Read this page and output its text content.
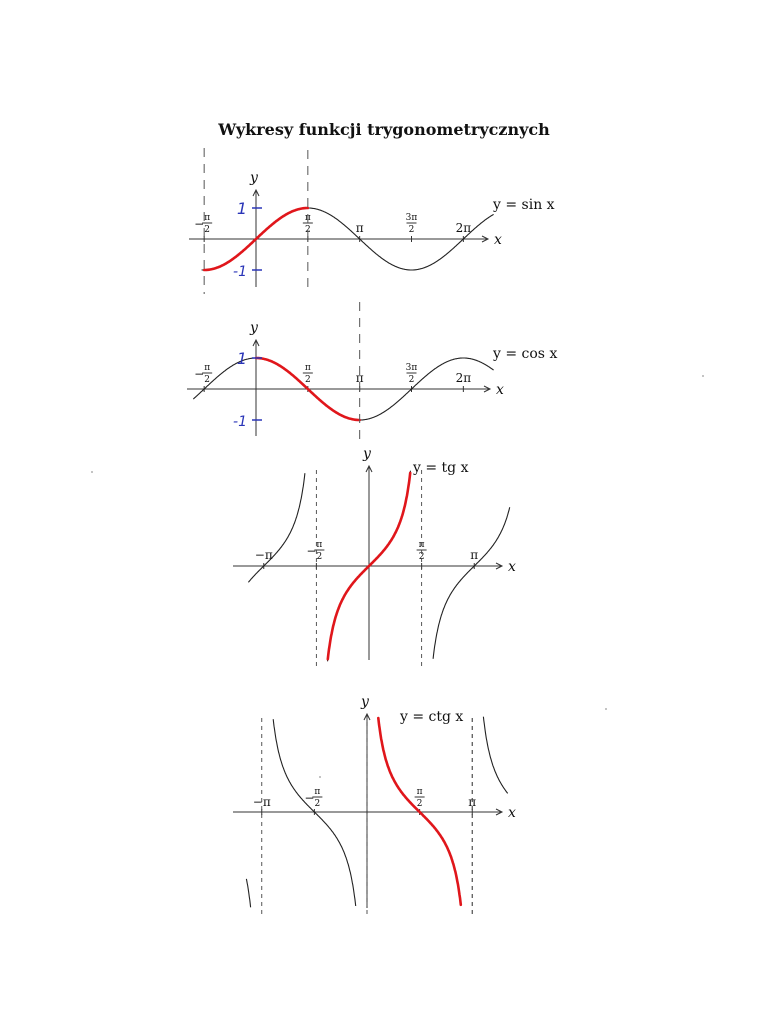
Wykresy funkcji trygonometrycznych
x
y
y = sin x
− π
2
π
2	π
3π
2	2π
1
-1
x
y
y = cos x
− π
2
π
2	π
3π
2	2π
1
-1
x
y
y = tg x
−π	− π
2
π
2	π
x
y
y = ctg x
−π	− π
2
π
2	π
